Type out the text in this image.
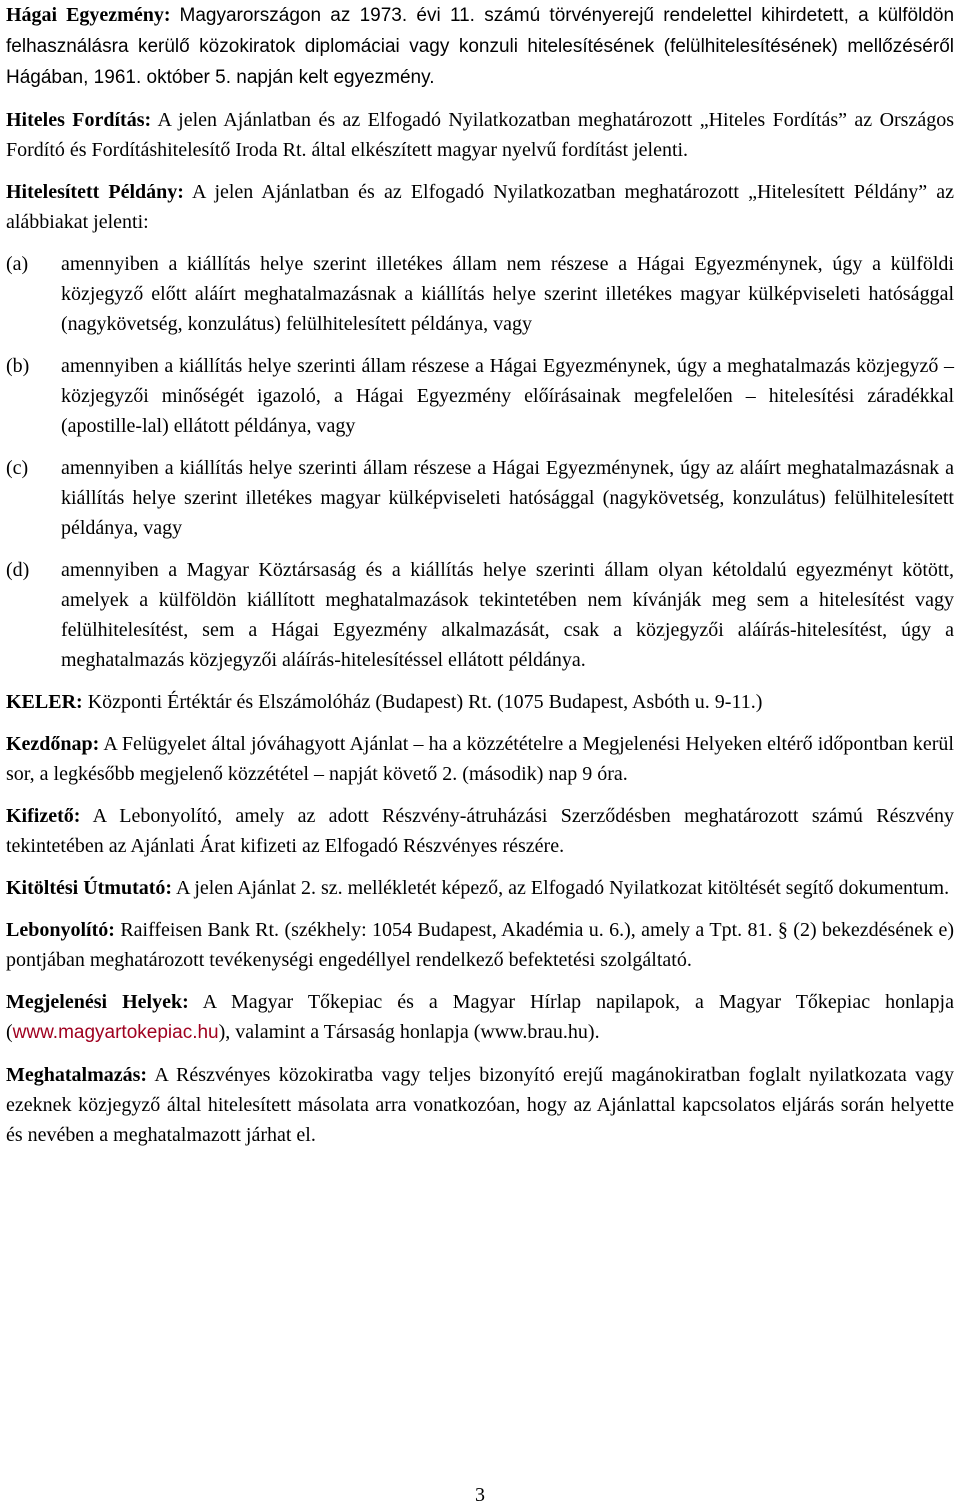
Hágai Egyezmény: Magyarországon az 1973. évi 11. számú törvényerejű rendelettel kihirdetett, a külföldön felhasználásra kerülő közokiratok diplomáciai vagy konzuli hitelesítésének (felülhitelesítésének) mellőzéséről Hágában, 1961. október 5. napján kelt egyezmény.

Hiteles Fordítás: A jelen Ajánlatban és az Elfogadó Nyilatkozatban meghatározott „Hiteles Fordítás” az Országos Fordító és Fordításhitelesítő Iroda Rt. által elkészített magyar nyelvű fordítást jelenti.

Hitelesített Példány: A jelen Ajánlatban és az Elfogadó Nyilatkozatban meghatározott „Hitelesített Példány” az alábbiakat jelenti:

(a)	amennyiben a kiállítás helye szerint illetékes állam nem részese a Hágai Egyezménynek, úgy a külföldi közjegyző előtt aláírt meghatalmazásnak a kiállítás helye szerint illetékes magyar külképviseleti hatósággal (nagykövetség, konzulátus) felülhitelesített példánya, vagy
(b)	amennyiben a kiállítás helye szerinti állam részese a Hágai Egyezménynek, úgy a meghatalmazás közjegyző – közjegyzői minőségét igazoló, a Hágai Egyezmény előírásainak megfelelően – hitelesítési záradékkal (apostille-lal) ellátott példánya, vagy
(c)	amennyiben a kiállítás helye szerinti állam részese a Hágai Egyezménynek, úgy az aláírt meghatalmazásnak a kiállítás helye szerint illetékes magyar külképviseleti hatósággal (nagykövetség, konzulátus) felülhitelesített példánya, vagy
(d)	amennyiben a Magyar Köztársaság és a kiállítás helye szerinti állam olyan kétoldalú egyezményt kötött, amelyek a külföldön kiállított meghatalmazások tekintetében nem kívánják meg sem a hitelesítést vagy felülhitelesítést, sem a Hágai Egyezmény alkalmazását, csak a közjegyzői aláírás-hitelesítést, úgy a meghatalmazás közjegyzői aláírás-hitelesítéssel ellátott példánya.

KELER: Központi Értéktár és Elszámolóház (Budapest) Rt. (1075 Budapest, Asbóth u. 9-11.)

Kezdőnap: A Felügyelet által jóváhagyott Ajánlat – ha a közzétételre a Megjelenési Helyeken eltérő időpontban kerül sor, a legkésőbb megjelenő közzététel – napját követő 2. (második) nap 9 óra.

Kifizető: A Lebonyolító, amely az adott Részvény-átruházási Szerződésben meghatározott számú Részvény tekintetében az Ajánlati Árat kifizeti az Elfogadó Részvényes részére.

Kitöltési Útmutató: A jelen Ajánlat 2. sz. mellékletét képező, az Elfogadó Nyilatkozat kitöltését segítő dokumentum.

Lebonyolító: Raiffeisen Bank Rt. (székhely: 1054 Budapest, Akadémia u. 6.), amely a Tpt. 81. § (2) bekezdésének e) pontjában meghatározott tevékenységi engedéllyel rendelkező befektetési szolgáltató.

Megjelenési Helyek: A Magyar Tőkepiac és a Magyar Hírlap napilapok, a Magyar Tőkepiac honlapja (www.magyartokepiac.hu), valamint a Társaság honlapja (www.brau.hu).

Meghatalmazás: A Részvényes közokiratba vagy teljes bizonyító erejű magánokiratban foglalt nyilatkozata vagy ezeknek közjegyző által hitelesített másolata arra vonatkozóan, hogy az Ajánlattal kapcsolatos eljárás során helyette és nevében a meghatalmazott járhat el.

3
